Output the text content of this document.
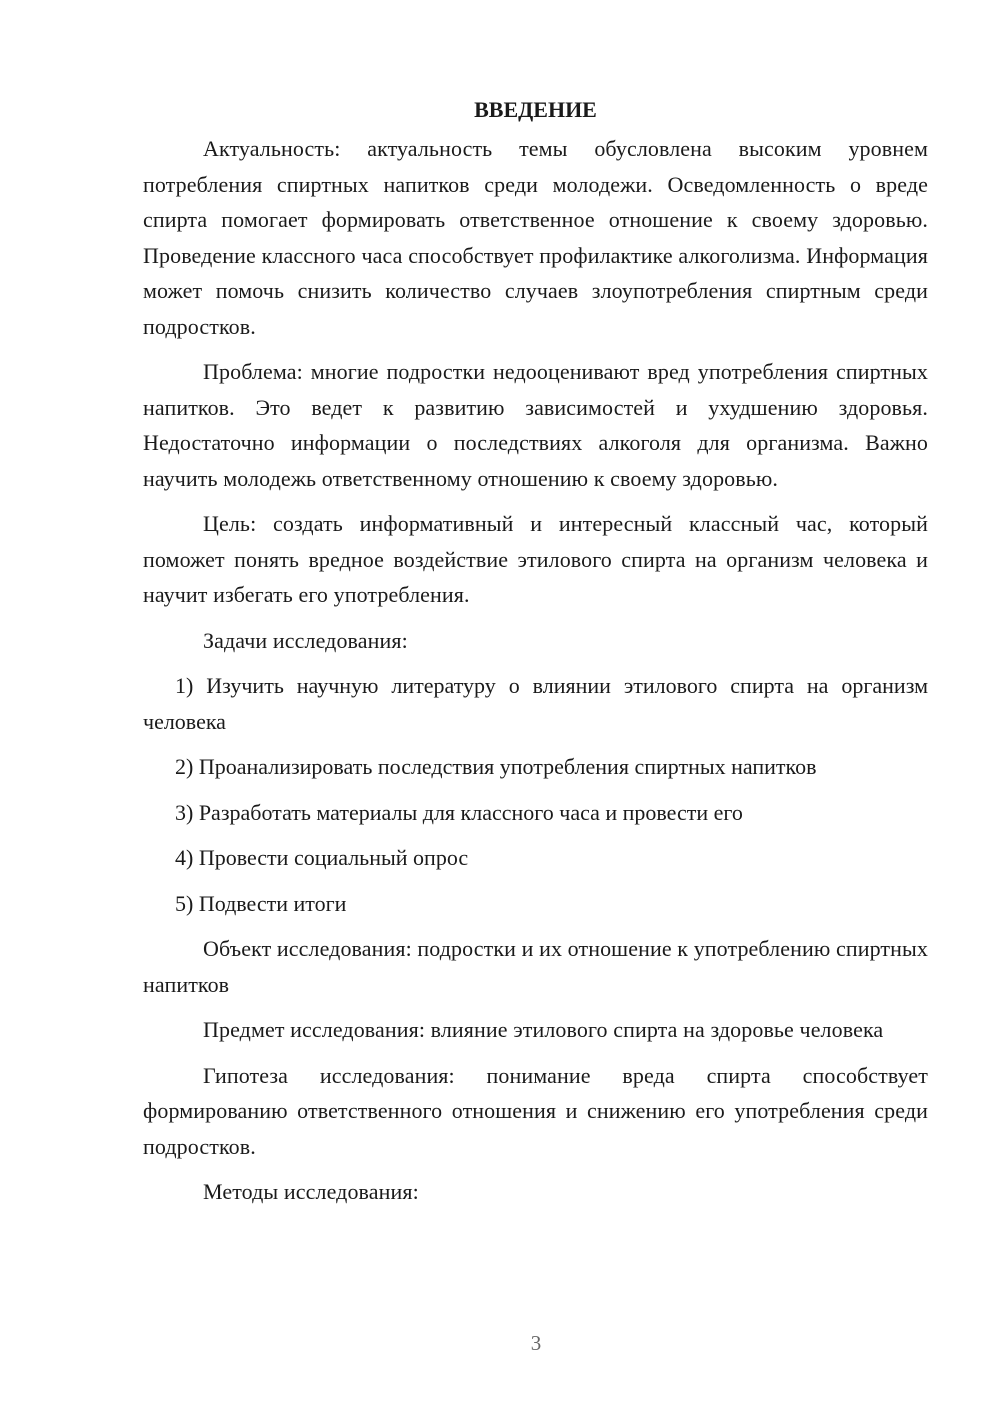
ВВЕДЕНИЕ

Актуальность: актуальность темы обусловлена высоким уровнем потребления спиртных напитков среди молодежи. Осведомленность о вреде спирта помогает формировать ответственное отношение к своему здоровью. Проведение классного часа способствует профилактике алкоголизма. Информация может помочь снизить количество случаев злоупотребления спиртным среди подростков.

Проблема: многие подростки недооценивают вред употребления спиртных напитков. Это ведет к развитию зависимостей и ухудшению здоровья. Недостаточно информации о последствиях алкоголя для организма. Важно научить молодежь ответственному отношению к своему здоровью.

Цель: создать информативный и интересный классный час, который поможет понять вредное воздействие этилового спирта на организм человека и научит избегать его употребления.

Задачи исследования:

1) Изучить научную литературу о влиянии этилового спирта на организм человека

2) Проанализировать последствия употребления спиртных напитков

3) Разработать материалы для классного часа и провести его

4) Провести социальный опрос

5) Подвести итоги

Объект исследования: подростки и их отношение к употреблению спиртных напитков

Предмет исследования: влияние этилового спирта на здоровье человека

Гипотеза исследования: понимание вреда спирта способствует формированию ответственного отношения и снижению его употребления среди подростков.

Методы исследования:

3
